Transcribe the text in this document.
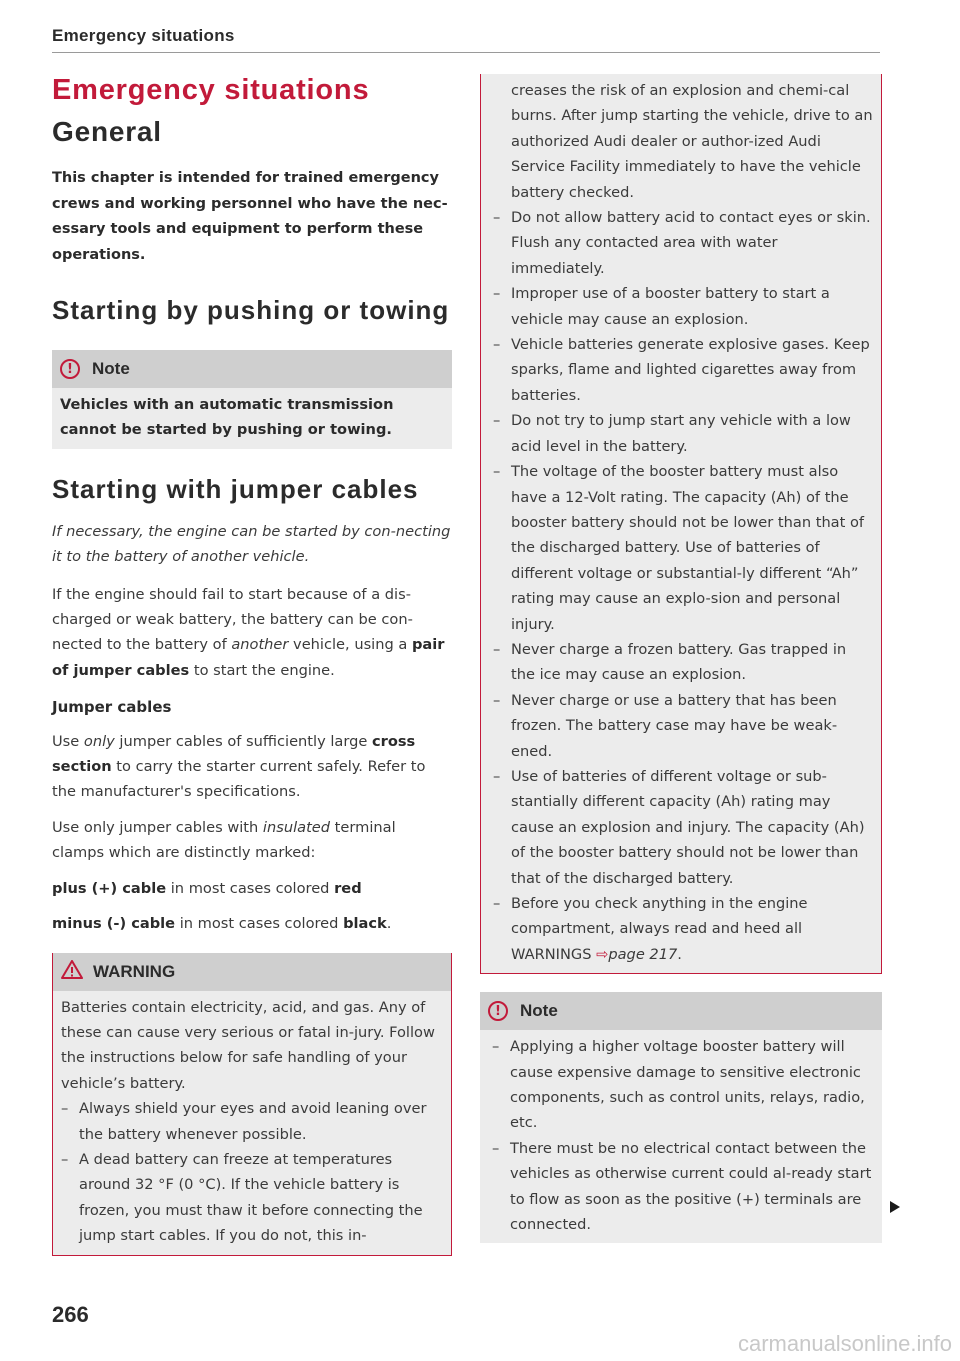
Emergency situations
Emergency situations
General

This chapter is intended for trained emergency crews and working personnel who have the nec-essary tools and equipment to perform these operations.

Starting by pushing or towing
!	Note
Vehicles with an automatic transmission cannot be started by pushing or towing.
Starting with jumper cables

If necessary, the engine can be started by con-necting it to the battery of another vehicle.

If the engine should fail to start because of a dis-charged or weak battery, the battery can be con-nected to the battery of another vehicle, using a pair of jumper cables to start the engine.

Jumper cables

Use only jumper cables of sufficiently large cross section to carry the starter current safely. Refer to the manufacturer's specifications.

Use only jumper cables with insulated terminal clamps which are distinctly marked:

plus (+) cable in most cases colored red

minus (-) cable in most cases colored black.

WARNING

Batteries contain electricity, acid, and gas. Any of these can cause very serious or fatal in-jury. Follow the instructions below for safe handling of your vehicle’s battery.

– Always shield your eyes and avoid leaning over the battery whenever possible.
– A dead battery can freeze at temperatures around 32 °F (0 °C). If the vehicle battery is frozen, you must thaw it before connecting the jump start cables. If you do not, this in-
266

creases the risk of an explosion and chemi-cal burns. After jump starting the vehicle, drive to an authorized Audi dealer or author-ized Audi Service Facility immediately to have the vehicle battery checked.

– Do not allow battery acid to contact eyes or skin. Flush any contacted area with water immediately.
– Improper use of a booster battery to start a vehicle may cause an explosion.
– Vehicle batteries generate explosive gases. Keep sparks, flame and lighted cigarettes away from batteries.
– Do not try to jump start any vehicle with a low acid level in the battery.
– The voltage of the booster battery must also have a 12-Volt rating. The capacity (Ah) of the booster battery should not be lower than that of the discharged battery. Use of batteries of different voltage or substantial-ly different “Ah” rating may cause an explo-sion and personal injury.
– Never charge a frozen battery. Gas trapped in the ice may cause an explosion.
– Never charge or use a battery that has been frozen. The battery case may have be weak-ened.
– Use of batteries of different voltage or sub-stantially different capacity (Ah) rating may cause an explosion and injury. The capacity (Ah) of the booster battery should not be lower than that of the discharged battery.
– Before you check anything in the engine compartment, always read and heed all WARNINGS ⇨page 217.
!	Note
– Applying a higher voltage booster battery will cause expensive damage to sensitive electronic components, such as control units, relays, radio, etc.
– There must be no electrical contact between the vehicles as otherwise current could al-ready start to flow as soon as the positive (+) terminals are connected.
carmanualsonline.info
